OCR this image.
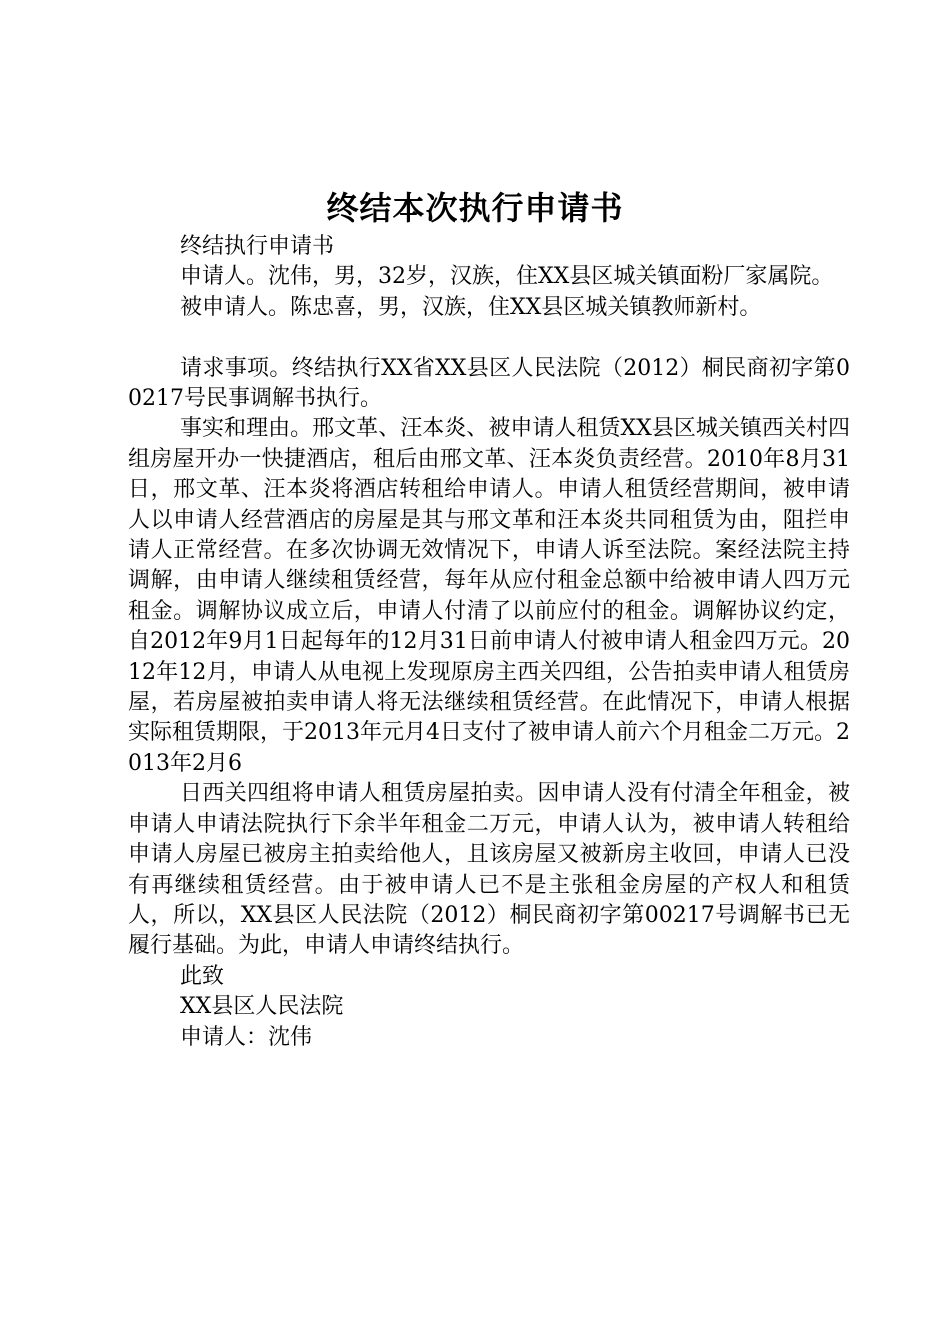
终结本次执行申请书

终结执行申请书

申请人。沈伟，男，32岁，汉族，住XX县区城关镇面粉厂家属院。

被申请人。陈忠喜，男，汉族，住XX县区城关镇教师新村。

请求事项。终结执行XX省XX县区人民法院（2012）桐民商初字第00217号民事调解书执行。

事实和理由。邢文革、汪本炎、被申请人租赁XX县区城关镇西关村四组房屋开办一快捷酒店，租后由邢文革、汪本炎负责经营。2010年8月31日，邢文革、汪本炎将酒店转租给申请人。申请人租赁经营期间，被申请人以申请人经营酒店的房屋是其与邢文革和汪本炎共同租赁为由，阻拦申请人正常经营。在多次协调无效情况下，申请人诉至法院。案经法院主持调解，由申请人继续租赁经营，每年从应付租金总额中给被申请人四万元租金。调解协议成立后，申请人付清了以前应付的租金。调解协议约定，自2012年9月1日起每年的12月31日前申请人付被申请人租金四万元。2012年12月，申请人从电视上发现原房主西关四组，公告拍卖申请人租赁房屋，若房屋被拍卖申请人将无法继续租赁经营。在此情况下，申请人根据实际租赁期限，于2013年元月4日支付了被申请人前六个月租金二万元。2013年2月6

日西关四组将申请人租赁房屋拍卖。因申请人没有付清全年租金，被申请人申请法院执行下余半年租金二万元，申请人认为，被申请人转租给申请人房屋已被房主拍卖给他人，且该房屋又被新房主收回，申请人已没有再继续租赁经营。由于被申请人已不是主张租金房屋的产权人和租赁人，所以，XX县区人民法院（2012）桐民商初字第00217号调解书已无履行基础。为此，申请人申请终结执行。

此致

XX县区人民法院

申请人：沈伟
